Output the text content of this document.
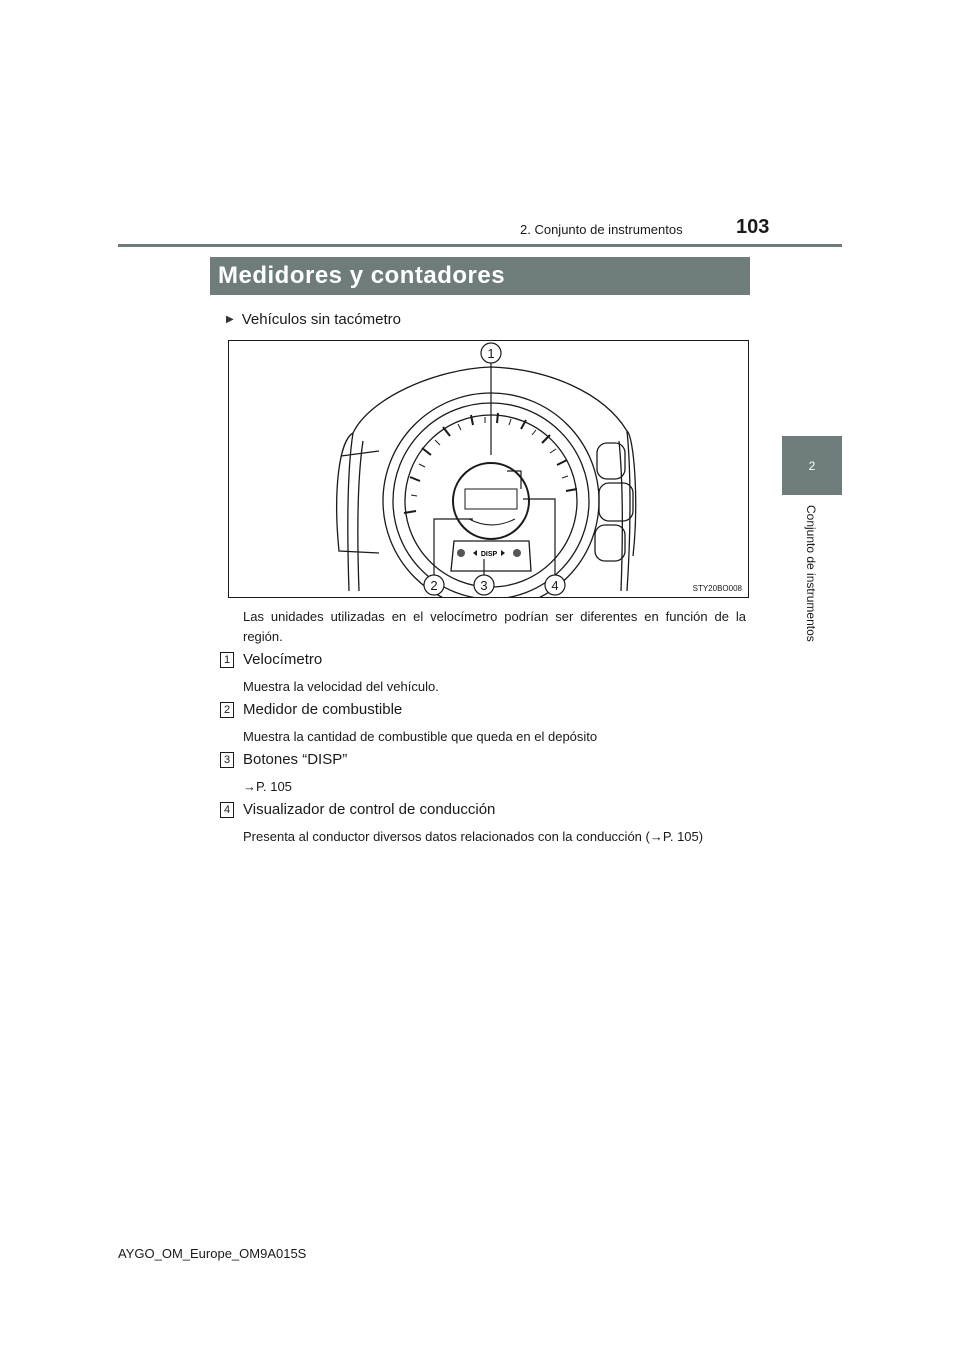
103
2. Conjunto de instrumentos
2
Conjunto de instrumentos
Medidores y contadores
▶ Vehículos sin tacómetro
DISP
1
2	3	4	STY20BO008
Las unidades utilizadas en el velocímetro podrían ser diferentes en función de la región.
1 Velocímetro
Muestra la velocidad del vehículo.
2 Medidor de combustible
Muestra la cantidad de combustible que queda en el depósito
3 Botones “DISP”
→P. 105
4 Visualizador de control de conducción
Presenta al conductor diversos datos relacionados con la conducción (→P. 105)
AYGO_OM_Europe_OM9A015S
